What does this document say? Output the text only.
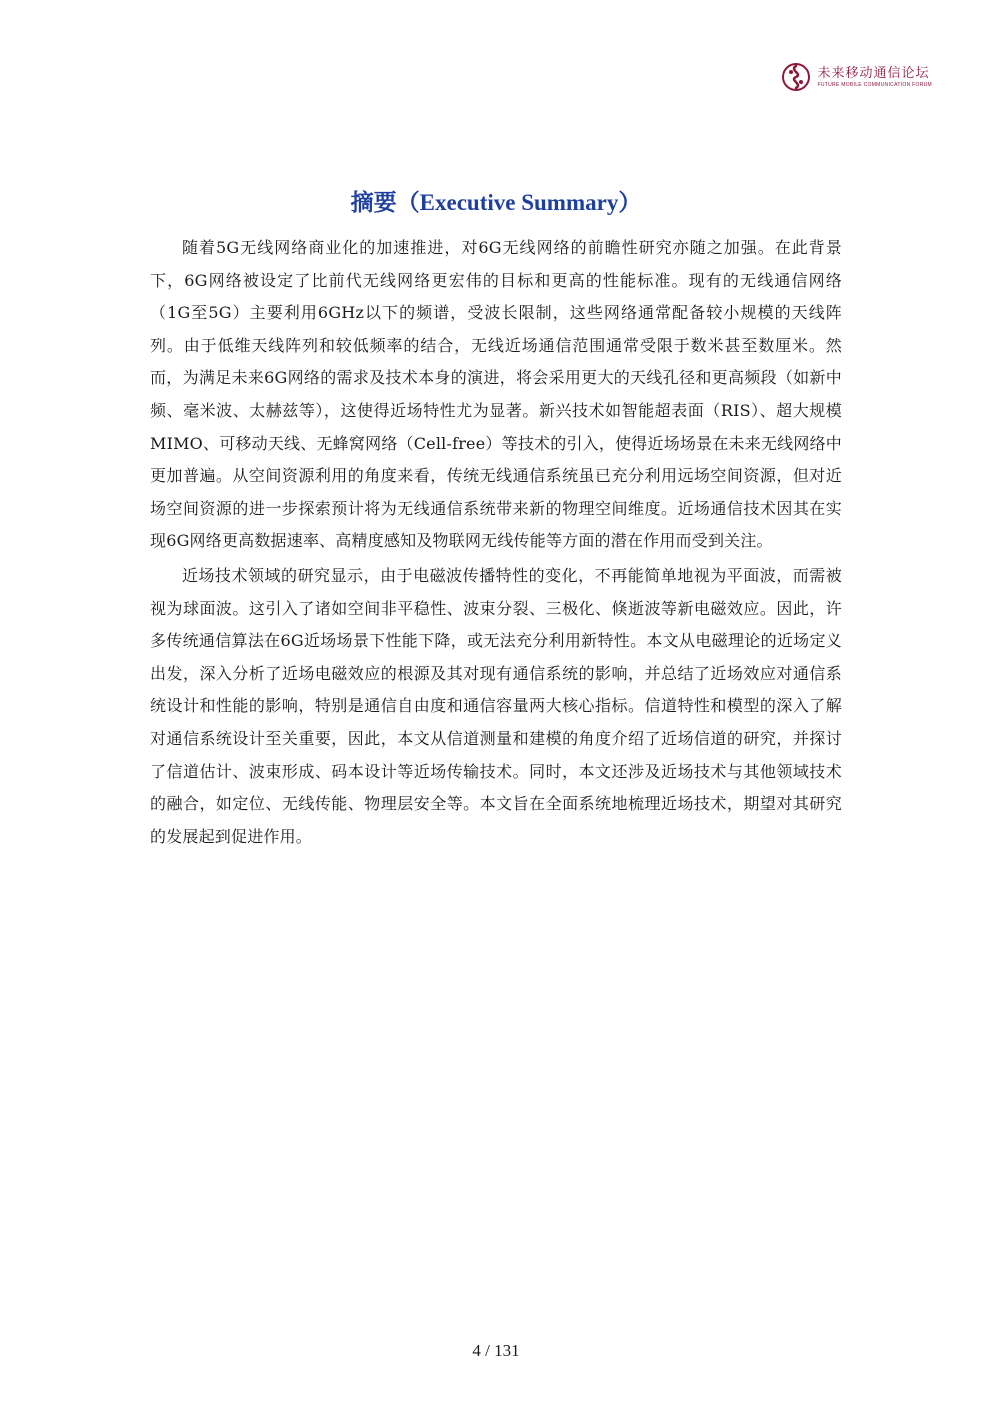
未来移动通信论坛
FUTURE MOBILE COMMUNICATION FORUM
摘要（Executive Summary）

随着5G无线网络商业化的加速推进，对6G无线网络的前瞻性研究亦随之加强。在此背景下，6G网络被设定了比前代无线网络更宏伟的目标和更高的性能标准。现有的无线通信网络（1G至5G）主要利用6GHz以下的频谱，受波长限制，这些网络通常配备较小规模的天线阵列。由于低维天线阵列和较低频率的结合，无线近场通信范围通常受限于数米甚至数厘米。然而，为满足未来6G网络的需求及技术本身的演进，将会采用更大的天线孔径和更高频段（如新中频、毫米波、太赫兹等），这使得近场特性尤为显著。新兴技术如智能超表面（RIS）、超大规模MIMO、可移动天线、无蜂窝网络（Cell-free）等技术的引入，使得近场场景在未来无线网络中更加普遍。从空间资源利用的角度来看，传统无线通信系统虽已充分利用远场空间资源，但对近场空间资源的进一步探索预计将为无线通信系统带来新的物理空间维度。近场通信技术因其在实现6G网络更高数据速率、高精度感知及物联网无线传能等方面的潜在作用而受到关注。

近场技术领域的研究显示，由于电磁波传播特性的变化，不再能简单地视为平面波，而需被视为球面波。这引入了诸如空间非平稳性、波束分裂、三极化、倏逝波等新电磁效应。因此，许多传统通信算法在6G近场场景下性能下降，或无法充分利用新特性。本文从电磁理论的近场定义出发，深入分析了近场电磁效应的根源及其对现有通信系统的影响，并总结了近场效应对通信系统设计和性能的影响，特别是通信自由度和通信容量两大核心指标。信道特性和模型的深入了解对通信系统设计至关重要，因此，本文从信道测量和建模的角度介绍了近场信道的研究，并探讨了信道估计、波束形成、码本设计等近场传输技术。同时，本文还涉及近场技术与其他领域技术的融合，如定位、无线传能、物理层安全等。本文旨在全面系统地梳理近场技术，期望对其研究的发展起到促进作用。

4 / 131
